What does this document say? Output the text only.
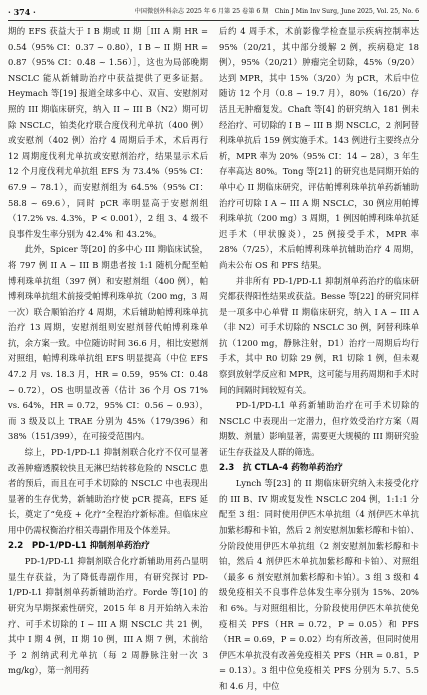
· 374 ·	中国微创外科杂志 2025 年 6 月第 25 卷第 6 期　Chin J Min Inv Surg, June 2025, Vol. 25, No. 6

期的 EFS 获益大于 I B 期或 II 期［III A 期 HR = 0.54（95% CI：0.37 ~ 0.80），I B ~ II 期 HR = 0.87（95% CI：0.48 ~ 1.56）］，这也为局部晚期 NSCLC 能从新辅助治疗中获益提供了更多证据。Heymach 等[19] 报道全球多中心、双盲、安慰剂对照的 III 期临床研究，纳入 II ~ III B（N2）期可切除 NSCLC，铂类化疗联合度伐利尤单抗（400 例）或安慰剂（402 例）治疗 4 周期后手术，术后再行 12 周期度伐利尤单抗或安慰剂治疗，结果显示术后 12 个月度伐利尤单抗组 EFS 为 73.4%（95% CI：67.9 ~ 78.1），而安慰剂组为 64.5%（95% CI：58.8 ~ 69.6），同时 pCR 率明显高于安慰剂组（17.2% vs. 4.3%，P < 0.001），2 组 3、4 级不良事件发生率分别为 42.4% 和 43.2%。

此外，Spicer 等[20] 的多中心 III 期临床试验，将 797 例 II A ~ III B 期患者按 1:1 随机分配至帕博利珠单抗组（397 例）和安慰剂组（400 例），帕博利珠单抗组术前接受帕博利珠单抗（200 mg，3 周一次）联合顺铂治疗 4 周期，术后辅助帕博利珠单抗治疗 13 周期，安慰剂组则安慰剂替代帕博利珠单抗，余方案一致。中位随访时间 36.6 月，相比安慰剂对照组，帕博利珠单抗组 EFS 明显提高（中位 EFS 47.2 月 vs. 18.3 月，HR = 0.59，95% CI：0.48 ~ 0.72），OS 也明显改善（估计 36 个月 OS 71% vs. 64%，HR = 0.72，95% CI：0.56 ~ 0.93），而 3 级及以上 TRAE 分别为 45%（179/396）和 38%（151/399），在可接受范围内。

综上，PD-1/PD-L1 抑制剂联合化疗不仅可显著改善肿瘤透膜较快且无淋巴结转移危险的 NSCLC 患者的预后，而且在可手术切除的 NSCLC 中也表现出显著的生存优势，新辅助治疗使 pCR 提高，EFS 延长，奠定了“免疫 + 化疗”全程治疗新标准。但临床应用中仍需权衡治疗相关毒副作用及个体差异。

2.2　PD-1/PD-L1 抑制剂单药治疗

PD-1/PD-L1 抑制剂联合化疗新辅助用药凸显明显生存获益，为了降低毒副作用，有研究探讨 PD-1/PD-L1 抑制剂单药新辅助治疗。Forde 等[10] 的研究为早期探索性研究，2015 年 8 月开始纳入未治疗、可手术切除的 I ~ III A 期 NSCLC 共 21 例，其中 I 期 4 例，II 期 10 例，III A 期 7 例，术前给予 2 剂纳武利尤单抗（每 2 周静脉注射一次 3 mg/kg），第一剂用药

后约 4 周手术，术前影像学检查显示疾病控制率达 95%（20/21，其中部分缓解 2 例，疾病稳定 18 例），95%（20/21）肿瘤完全切除，45%（9/20）达到 MPR，其中 15%（3/20）为 pCR，术后中位随访 12 个月（0.8 ~ 19.7 月），80%（16/20）存活且无肿瘤复发。Chaft 等[4] 的研究纳入 181 例未经治疗、可切除的 I B ~ III B 期 NSCLC，2 剂阿替利珠单抗后 159 例实施手术。143 例进行主要终点分析，MPR 率为 20%（95% CI：14 ~ 28），3 年生存率高达 80%。Tong 等[21] 的研究也是同期开始的单中心 II 期临床研究，评估帕博利珠单抗单药新辅助治疗可切除 I A ~ III A 期 NSCLC，30 例应用帕博利珠单抗（200 mg）3 周期，1 例因帕博利珠单抗延迟手术（甲状腺炎），25 例接受手术，MPR 率 28%（7/25），术后帕博利珠单抗辅助治疗 4 周期，尚未公布 OS 和 PFS 结果。

并非所有 PD-1/PD-L1 抑制剂单药治疗的临床研究都获得阳性结果或获益。Besse 等[22] 的研究同样是一项多中心单臂 II 期临床研究，纳入 I A ~ III A（非 N2）可手术切除的 NSCLC 30 例，阿替利珠单抗（1200 mg，静脉注射，D1）治疗一周期后均行手术，其中 R0 切除 29 例，R1 切除 1 例，但未观察到放射学反应和 MPR，这可能与用药周期和手术时间的间隔时间较短有关。

PD-1/PD-L1 单药新辅助治疗在可手术切除的 NSCLC 中表现出一定潜力，但疗效受治疗方案（周期数、剂量）影响显著，需要更大规模的 III 期研究验证生存获益及人群的筛选。

2.3　抗 CTLA-4 药物单药治疗

Lynch 等[23] 的 II 期临床研究纳入未接受化疗的 III B、IV 期或复发性 NSCLC 204 例，1:1:1 分配至 3 组：同时使用伊匹木单抗组（4 剂伊匹木单抗加紫杉醇和卡铂，然后 2 剂安慰剂加紫杉醇和卡铂）、分阶段使用伊匹木单抗组（2 剂安慰剂加紫杉醇和卡铂，然后 4 剂伊匹木单抗加紫杉醇和卡铂）、对照组（最多 6 剂安慰剂加紫杉醇和卡铂）。3 组 3 级和 4 级免疫相关不良事件总体发生率分别为 15%、20% 和 6%。与对照组相比，分阶段使用伊匹木单抗使免疫相关 PFS（HR = 0.72，P = 0.05）和 PFS（HR = 0.69，P = 0.02）均有所改善，但同时使用伊匹木单抗没有改善免疫相关 PFS（HR = 0.81，P = 0.13）。3 组中位免疫相关 PFS 分别为 5.7、5.5 和 4.6 月，中位
